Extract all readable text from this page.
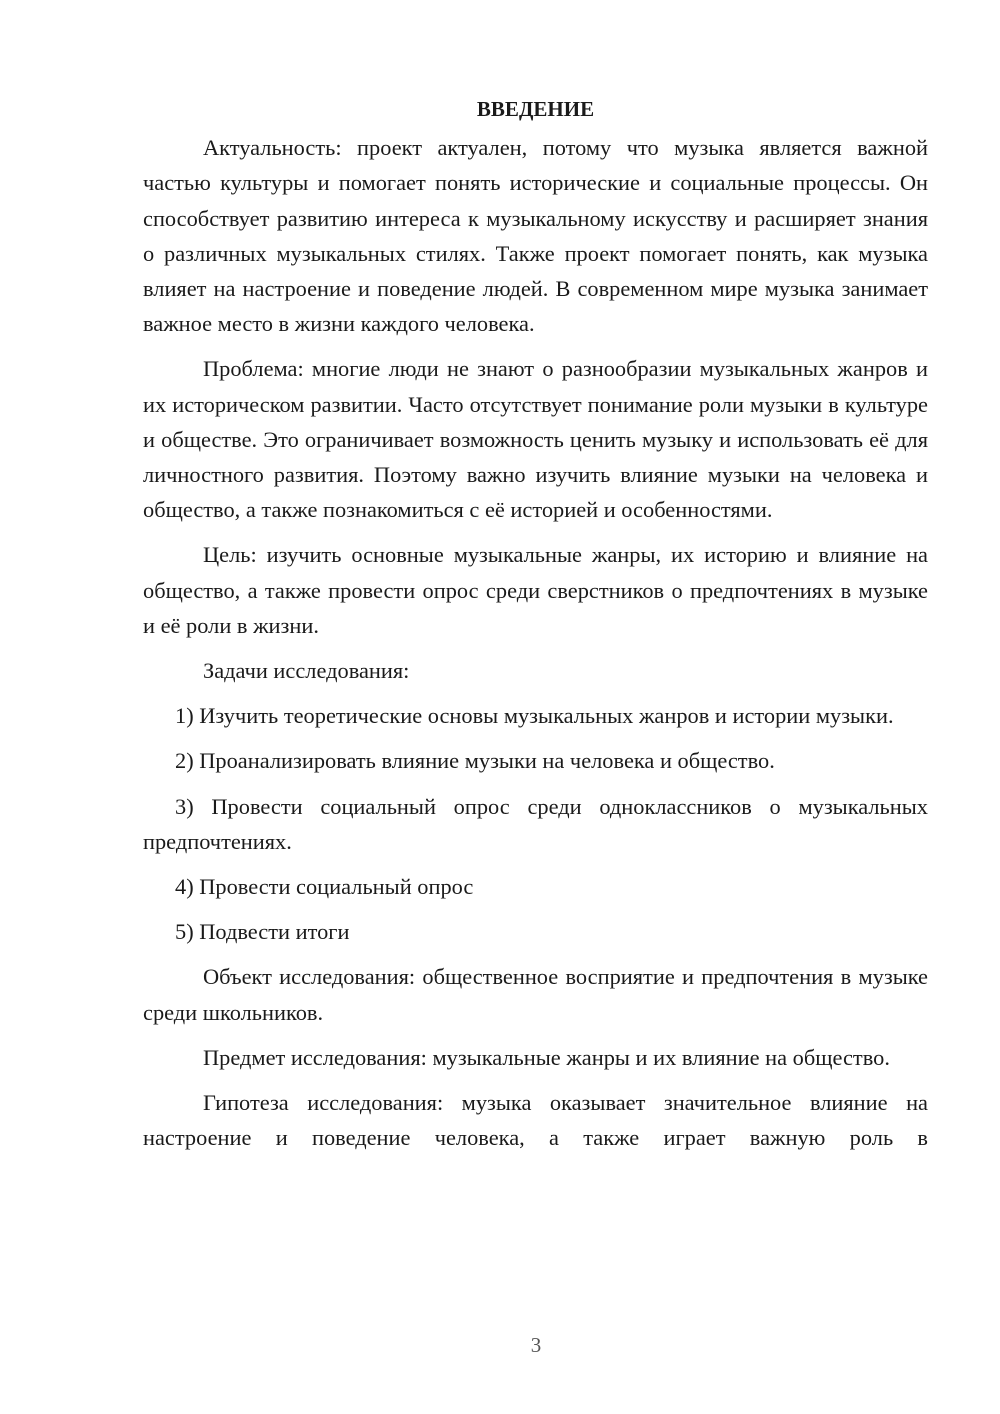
ВВЕДЕНИЕ

Актуальность: проект актуален, потому что музыка является важной частью культуры и помогает понять исторические и социальные процессы. Он способствует развитию интереса к музыкальному искусству и расширяет знания о различных музыкальных стилях. Также проект помогает понять, как музыка влияет на настроение и поведение людей. В современном мире музыка занимает важное место в жизни каждого человека.

Проблема: многие люди не знают о разнообразии музыкальных жанров и их историческом развитии. Часто отсутствует понимание роли музыки в культуре и обществе. Это ограничивает возможность ценить музыку и использовать её для личностного развития. Поэтому важно изучить влияние музыки на человека и общество, а также познакомиться с её историей и особенностями.

Цель: изучить основные музыкальные жанры, их историю и влияние на общество, а также провести опрос среди сверстников о предпочтениях в музыке и её роли в жизни.

Задачи исследования:

1) Изучить теоретические основы музыкальных жанров и истории музыки.

2) Проанализировать влияние музыки на человека и общество.

3) Провести социальный опрос среди одноклассников о музыкальных предпочтениях.

4) Провести социальный опрос

5) Подвести итоги

Объект исследования: общественное восприятие и предпочтения в музыке среди школьников.

Предмет исследования: музыкальные жанры и их влияние на общество.

Гипотеза исследования: музыка оказывает значительное влияние на настроение и поведение человека, а также играет важную роль в

3
